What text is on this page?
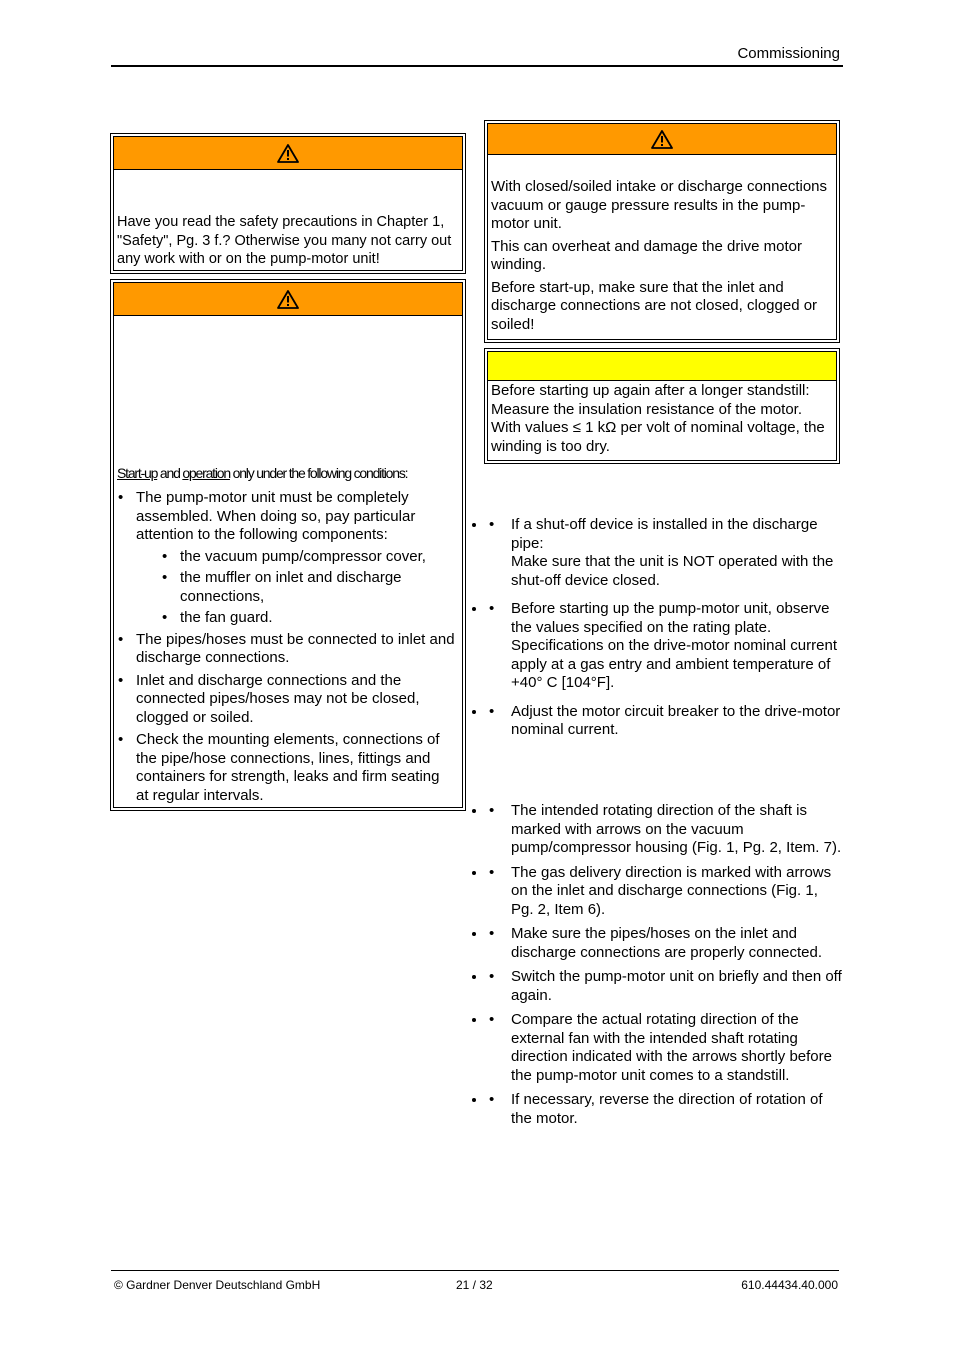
Commissioning
Have you read the safety precautions in Chapter 1, "Safety", Pg. 3 f.? Otherwise you many not carry out any work with or on the pump-motor unit!
Start-up and operation only under the following conditions:
• The pump-motor unit must be completely assembled. When doing so, pay particular attention to the following components:
• the vacuum pump/compressor cover,
• the muffler on inlet and discharge connections,
• the fan guard.
• The pipes/hoses must be connected to inlet and discharge connections.
• Inlet and discharge connections and the connected pipes/hoses may not be closed, clogged or soiled.
• Check the mounting elements, connections of the pipe/hose connections, lines, fittings and containers for strength, leaks and firm seating at regular intervals.

With closed/soiled intake or discharge connections vacuum or gauge pressure results in the pump-motor unit.

This can overheat and damage the drive motor winding.

Before start-up, make sure that the inlet and discharge connections are not closed, clogged or soiled!

Before starting up again after a longer standstill: Measure the insulation resistance of the motor. With values ≤ 1 kΩ per volt of nominal voltage, the winding is too dry.
• • If a shut-off device is installed in the discharge pipe:
Make sure that the unit is NOT operated with the shut-off device closed.
• • Before starting up the pump-motor unit, observe the values specified on the rating plate. Specifications on the drive-motor nominal current apply at a gas entry and ambient temperature of +40° C [104°F].
• • Adjust the motor circuit breaker to the drive-motor nominal current.
• • The intended rotating direction of the shaft is marked with arrows on the vacuum pump/compressor housing (Fig. 1, Pg. 2, Item. 7).
• • The gas delivery direction is marked with arrows on the inlet and discharge connections (Fig. 1, Pg. 2, Item 6).
• • Make sure the pipes/hoses on the inlet and discharge connections are properly connected.
• • Switch the pump-motor unit on briefly and then off again.
• • Compare the actual rotating direction of the external fan with the intended shaft rotating direction indicated with the arrows shortly before the pump-motor unit comes to a standstill.
• • If necessary, reverse the direction of rotation of the motor.
© Gardner Denver Deutschland GmbH	21 / 32	610.44434.40.000
